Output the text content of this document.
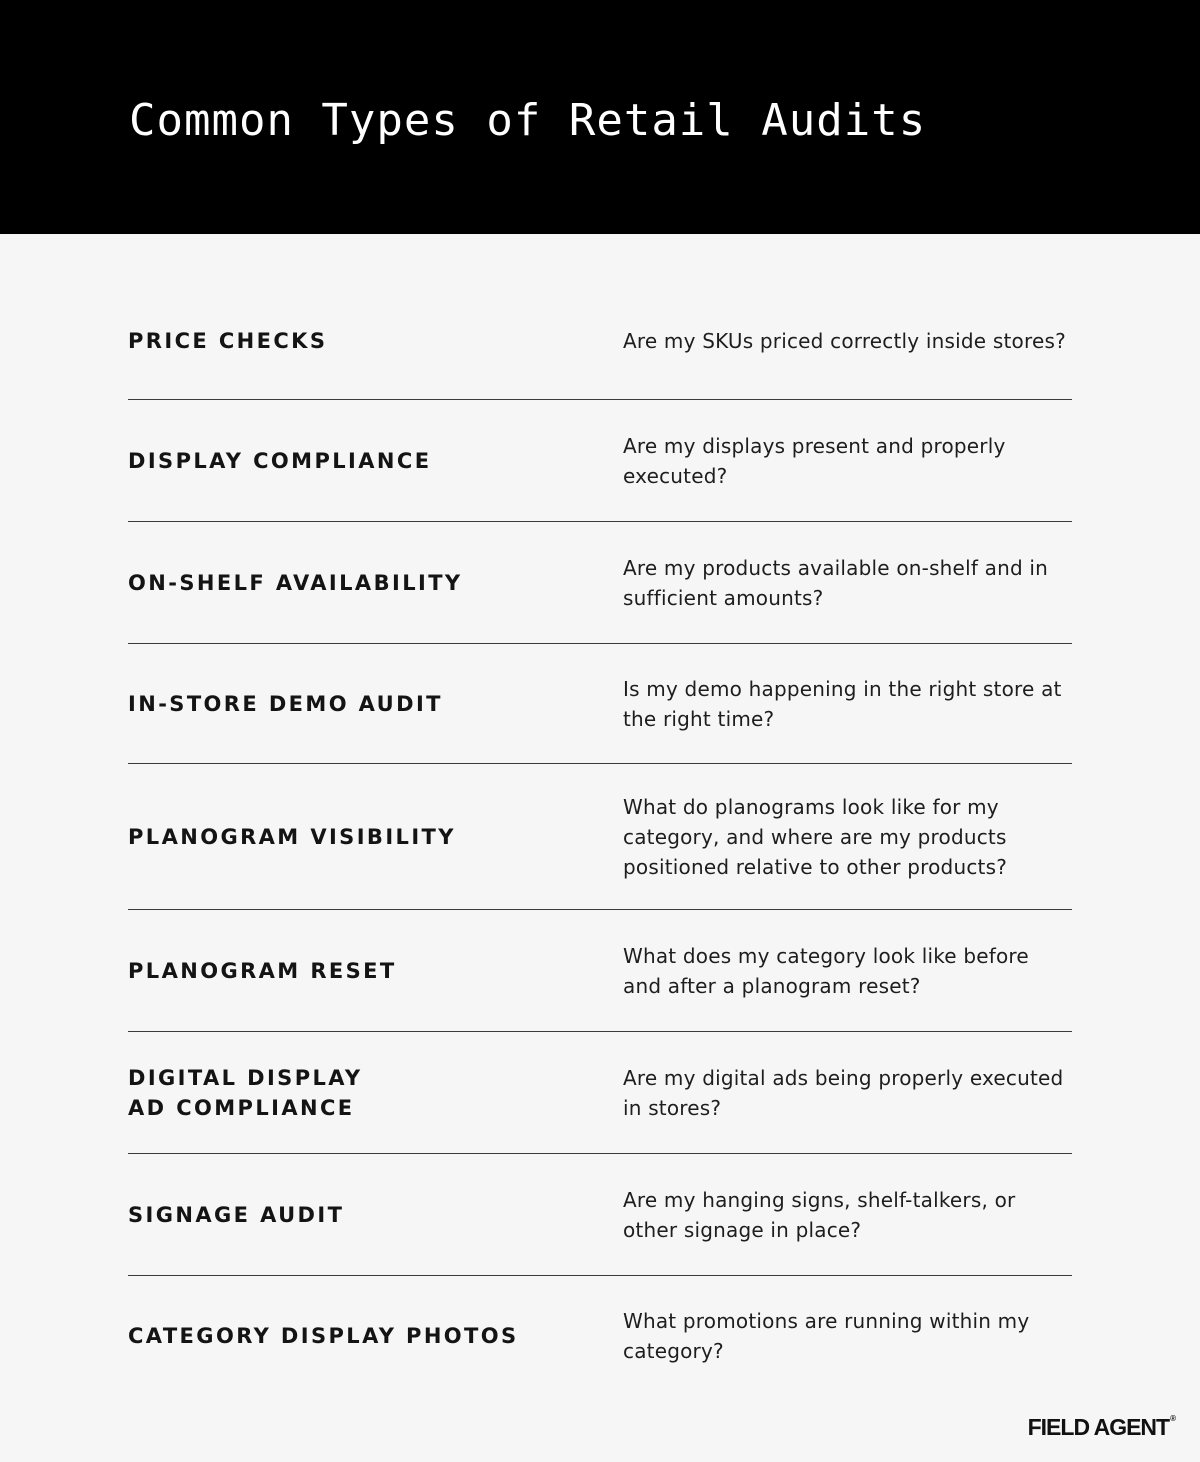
Common Types of Retail Audits
PRICE CHECKS	Are my SKUs priced correctly inside stores?
DISPLAY COMPLIANCE
Are my displays present and properly executed?
ON-SHELF AVAILABILITY
Are my products available on-shelf and in sufficient amounts?
IN-STORE DEMO AUDIT
Is my demo happening in the right store at the right time?
PLANOGRAM VISIBILITY
What do planograms look like for my category, and where are my products positioned relative to other products?
PLANOGRAM RESET
What does my category look like before and after a planogram reset?
DIGITAL DISPLAY
AD COMPLIANCE
Are my digital ads being properly executed in stores?
SIGNAGE AUDIT
Are my hanging signs, shelf-talkers, or other signage in place?
CATEGORY DISPLAY PHOTOS
What promotions are running within my category?
FIELD AGENT®
